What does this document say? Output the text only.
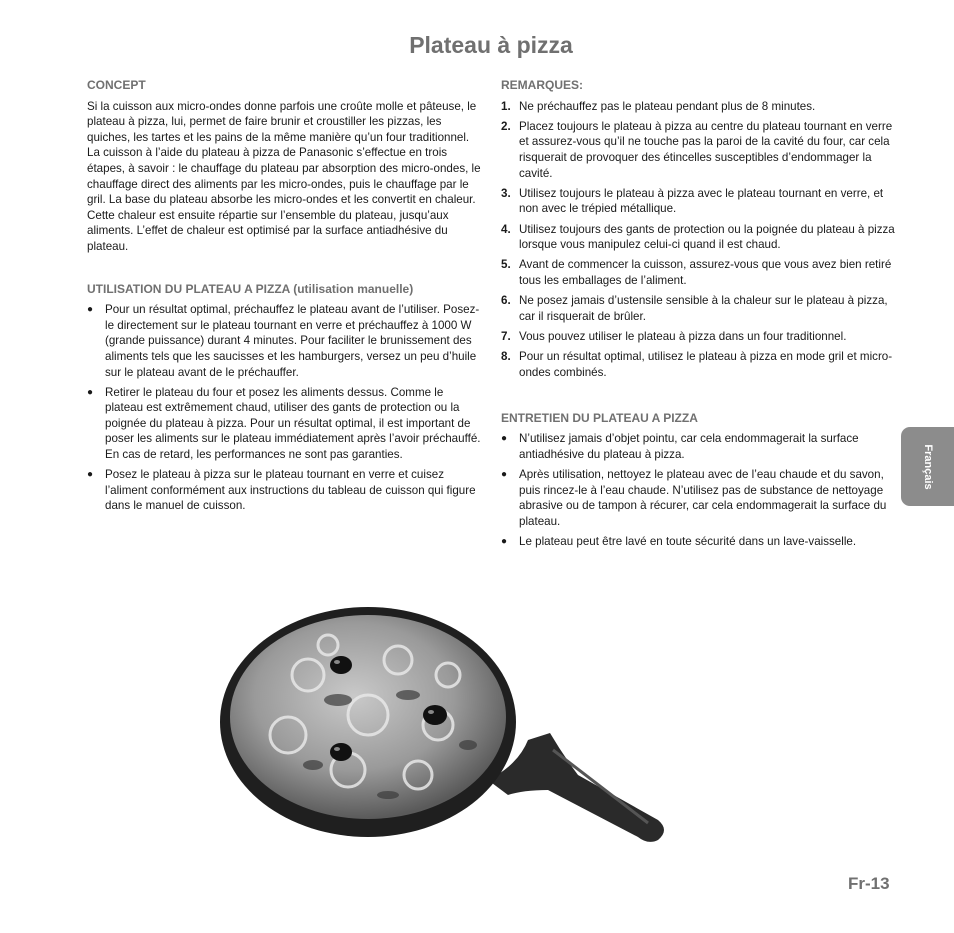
Plateau à pizza

CONCEPT

Si la cuisson aux micro-ondes donne parfois une croûte molle et pâteuse, le plateau à pizza, lui, permet de faire brunir et croustiller les pizzas, les quiches, les tartes et les pains de la même manière qu’un four traditionnel. La cuisson à l’aide du plateau à pizza de Panasonic s’effectue en trois étapes, à savoir : le chauffage du plateau par absorption des micro-ondes, le chauffage direct des aliments par les micro-ondes, puis le chauffage par le gril. La base du plateau absorbe les micro-ondes et les convertit en chaleur. Cette chaleur est ensuite répartie sur l’ensemble du plateau, jusqu’aux aliments. L’effet de chaleur est optimisé par la surface antiadhésive du plateau.

UTILISATION DU PLATEAU A PIZZA (utilisation manuelle)

● Pour un résultat optimal, préchauffez le plateau avant de l’utiliser. Posez-le directement sur le plateau tournant en verre et préchauffez à 1000 W (grande puissance) durant 4 minutes. Pour faciliter le brunissement des aliments tels que les saucisses et les hamburgers, versez un peu d’huile sur le plateau avant de le préchauffer.
● Retirer le plateau du four et posez les aliments dessus. Comme le plateau est extrêmement chaud, utiliser des gants de protection ou la poignée du plateau à pizza. Pour un résultat optimal, il est important de poser les aliments sur le plateau immédiatement après l’avoir préchauffé. En cas de retard, les performances ne sont pas garanties.
● Posez le plateau à pizza sur le plateau tournant en verre et cuisez l’aliment conformément aux instructions du tableau de cuisson qui figure dans le manuel de cuisson.

REMARQUES:

1. Ne préchauffez pas le plateau pendant plus de 8 minutes.
2. Placez toujours le plateau à pizza au centre du plateau tournant en verre et assurez-vous qu’il ne touche pas la paroi de la cavité du four, car cela risquerait de provoquer des étincelles susceptibles d’endommager la cavité.
3. Utilisez toujours le plateau à pizza avec le plateau tournant en verre, et non avec le trépied métallique.
4. Utilisez toujours des gants de protection ou la poignée du plateau à pizza lorsque vous manipulez celui-ci quand il est chaud.
5. Avant de commencer la cuisson, assurez-vous que vous avez bien retiré tous les emballages de l’aliment.
6. Ne posez jamais d’ustensile sensible à la chaleur sur le plateau à pizza, car il risquerait de brûler.
7. Vous pouvez utiliser le plateau à pizza dans un four traditionnel.
8. Pour un résultat optimal, utilisez le plateau à pizza en mode gril et micro-ondes combinés.

ENTRETIEN DU PLATEAU A PIZZA

● N’utilisez jamais d’objet pointu, car cela endommagerait la surface antiadhésive du plateau à pizza.
● Après utilisation, nettoyez le plateau avec de l’eau chaude et du savon, puis rincez-le à l’eau chaude. N’utilisez pas de substance de nettoyage abrasive ou de tampon à récurer, car cela endommagerait la surface du plateau.
● Le plateau peut être lavé en toute sécurité dans un lave-vaisselle.
Français
Fr-13
